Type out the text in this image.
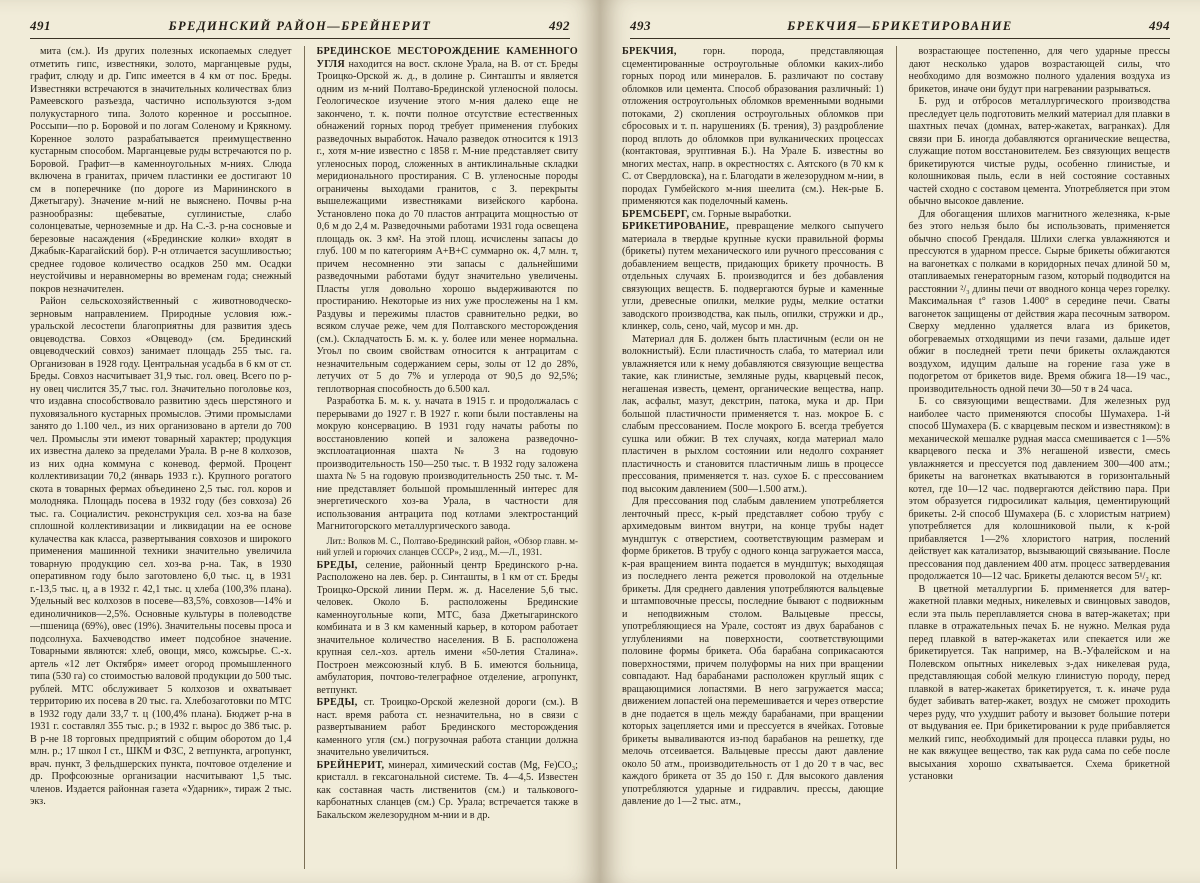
491	БРЕДИНСКИЙ РАЙОН—БРЕЙНЕРИТ	492

мита (см.). Из других полезных ископаемых следует отметить гипс, известняки, золото, марганцевые руды, графит, слюду и др. Гипс имеется в 4 км от пос. Бреды. Известняки встречаются в значительных количествах близ Рамеевского разъезда, частично используются з-дом полукустарного типа. Золото коренное и россыпное. Россыпи—по р. Боровой и по логам Соленому и Крякному. Коренное золото разрабатывается преимущественно кустарным способом. Марганцевые руды встречаются по р. Боровой. Графит—в каменноугольных м-ниях. Слюда включена в гранитах, причем пластинки ее достигают 10 см в поперечнике (по дороге из Марининского в Джетыгару). Значение м-ний не выяснено. Почвы р-на разнообразны: щебеватые, суглинистые, слабо солонцеватые, черноземные и др. На С.-З. р-на сосновые и березовые насаждения («Брединские колки» входят в Джабык-Карагайский бор). Р-н отличается засушливостью; среднее годовое количество осадков 250 мм. Осадки неустойчивы и неравномерны во временам года; снежный покров незначителен.

Район сельскохозяйственный с животноводческо-зерновым направлением. Природные условия юж.-уральской лесостепи благоприятны для развития здесь овцеводства. Совхоз «Овцевод» (см. Брединский овцеводческий совхоз) занимает площадь 255 тыс. га. Организован в 1928 году. Центральная усадьба в 6 км от ст. Бреды. Совхоз насчитывает 31,9 тыс. гол. овец. Всего по р-ну овец числится 35,7 тыс. гол. Значительно поголовье коз, что издавна способствовало развитию здесь шерстяного и пуховязального кустарных промыслов. Этими промыслами занято до 1.100 чел., из них организовано в артели до 700 чел. Промыслы эти имеют товарный характер; продукция их известна далеко за пределами Урала. В р-не 8 колхозов, из них одна коммуна с коневод. фермой. Процент коллективизации 70,2 (январь 1933 г.). Крупного рогатого скота в товарных фермах объединено 2,5 тыс. гол. коров и молодняка. Площадь посева в 1932 году (без совхоза) 26 тыс. га. Социалистич. реконструкция сел. хоз-ва на базе сплошной коллективизации и ликвидации на ее основе кулачества как класса, развертывания совхозов и широкого применения машинной техники значительно увеличила товарную продукцию сел. хоз-ва р-на. Так, в 1930 оперативном году было заготовлено 6,0 тыс. ц, в 1931 г.-13,5 тыс. ц, а в 1932 г. 42,1 тыс. ц хлеба (100,3% плана). Удельный вес колхозов в посеве—83,5%, совхозов—14% и единоличников—2,5%. Основные культуры в полеводстве—пшеница (69%), овес (19%). Значительны посевы проса и подсолнуха. Бахчеводство имеет подсобное значение. Товарными являются: хлеб, овощи, мясо, кожсырье. С.-х. артель «12 лет Октября» имеет огород промышленного типа (530 га) со стоимостью валовой продукции до 500 тыс. рублей. МТС обслуживает 5 колхозов и охватывает территорию их посева в 20 тыс. га. Хлебозаготовки по МТС в 1932 году дали 33,7 т. ц (100,4% плана). Бюджет р-на в 1931 г. составлял 355 тыс. р.; в 1932 г. вырос до 386 тыс. р. В р-не 18 торговых предприятий с общим оборотом до 1,4 млн. р.; 17 школ I ст., ШКМ и ФЗС, 2 ветпункта, агропункт, врач. пункт, 3 фельдшерских пункта, почтовое отделение и др. Профсоюзные организации насчитывают 1,5 тыс. членов. Издается районная газета «Ударник», тираж 2 тыс. экз.

БРЕДИНСКОЕ МЕСТОРОЖДЕНИЕ КАМЕННОГО УГЛЯ находится на вост. склоне Урала, на В. от ст. Бреды Троицко-Орской ж. д., в долине р. Синташты и является одним из м-ний Полтаво-Брединской угленосной полосы. Геологическое изучение этого м-ния далеко еще не закончено, т. к. почти полное отсутствие естественных обнажений горных пород требует применения глубоких разведочных выработок. Начало разведок относится к 1913 г., хотя м-ние известно с 1858 г. М-ние представляет свиту угленосных пород, сложенных в антиклинальные складки меридионального простирания. С В. угленосные породы ограничены выходами гранитов, с З. перекрыты вышележащими известняками визейского карбона. Установлено пока до 70 пластов антрацита мощностью от 0,6 м до 2,4 м. Разведочными работами 1931 года освещена площадь ок. 3 км². На этой площ. исчислены запасы до глуб. 100 м по категориям A+B+C суммарно ок. 4,7 млн. т, причем несомненно эти запасы с дальнейшими разведочными работами будут значительно увеличены. Пласты угля довольно хорошо выдерживаются по простиранию. Некоторые из них уже прослежены на 1 км. Раздувы и пережимы пластов сравнительно редки, во всяком случае реже, чем для Полтавского месторождения (см.). Складчатость Б. м. к. у. более или менее нормальна. Угоьл по своим свойствам относится к антрацитам с незначительным содержанием серы, золы от 12 до 28%, летучих от 5 до 7% и углерода от 90,5 до 92,5%; теплотворная способность до 6.500 кал.

Разработка Б. м. к. у. начата в 1915 г. и продолжалась с перерывами до 1927 г. В 1927 г. копи были поставлены на мокрую консервацию. В 1931 году начаты работы по восстановлению копей и заложена разведочно-эксплоатационная шахта № 3 на годовую производительность 150—250 тыс. т. В 1932 году заложена шахта № 5 на годовую производительность 250 тыс. т. М-ние представляет большой промышленный интерес для энергетического хоз-ва Урала, в частности для использования антрацита под котлами электростанций Магнитогорского металлургического завода.

Лит.: Волков М. С., Полтаво-Брединский район, «Обзор главн. м-ний углей и горючих сланцев СССР», 2 изд., М.—Л., 1931.

БРЕДЫ, селение, районный центр Брединского р-на. Расположено на лев. бер. р. Синташты, в 1 км от ст. Бреды Троицко-Орской линии Перм. ж. д. Население 5,6 тыс. человек. Около Б. расположены Брединские каменноугольные копи, МТС, база Джетыгаринского комбината и в 3 км каменный карьер, в котором работает значительное количество населения. В Б. расположена крупная сел.-хоз. артель имени «50-летия Сталина». Построен межсоюзный клуб. В Б. имеются больница, амбулатория, почтово-телеграфное отделение, агропункт, ветпункт.

БРЕДЫ, ст. Троицко-Орской железной дороги (см.). В наст. время работа ст. незначительна, но в связи с развертыванием работ Брединского месторождения каменного угля (см.) погрузочная работа станции должна значительно увеличиться.

БРЕЙНЕРИТ, минерал, химический состав (Mg, Fe)CO₃; кристалл. в гексагональной системе. Тв. 4—4,5. Известен как составная часть лиственитов (см.) и талькового-карбонатных сланцев (см.) Ср. Урала; встречается также в Бакальском железорудном м-нии и в др.

493	БРЕКЧИЯ—БРИКЕТИРОВАНИЕ	494

БРЕКЧИЯ,	горн. порода, представляющая сцементированные остроугольные обломки каких-либо горных пород или минералов. Б. различают по составу обломков или цемента. Способ образования различный: 1) отложения остроугольных обломков временными водными потоками, 2) скопления остроугольных обломков при сбросовых и т. п. нарушениях (Б. трения), 3) раздробление пород вплоть до обломков при вулканических процессах (контактовая, эруптивная Б.). На Урале Б. известны во многих местах, напр. в окрестностях с. Аятского (в 70 км к С. от Свердловска), на г. Благодати в железорудном м-нии, в породах Гумбейского м-ния шеелита (см.). Нек-рые Б. применяются как поделочный камень.

БРЕМСБЕРГ, см. Горные выработки.

БРИКЕТИРОВАНИЕ, превращение мелкого сыпучего материала в твердые крупные куски правильной формы (брикеты) путем механического или ручного прессования с добавлением веществ, придающих брикету прочность. В отдельных случаях Б. производится и без добавления связующих веществ. Б. подвергаются бурые и каменные угли, древесные опилки, мелкие руды, мелкие остатки заводского производства, как пыль, опилки, стружки и др., клинкер, соль, сено, чай, мусор и мн. др.

Материал для Б. должен быть пластичным (если он не волокнистый). Если пластичность слаба, то материал или увлажняется или к нему добавляются связующие вещества такие, как глинистые, земляные руды, кварцевый песок, негашеная известь, цемент, органические вещества, напр. лак, асфальт, мазут, декстрин, патока, мука и др. При большой пластичности применяется т. наз. мокрое Б. с слабым прессованием. После мокрого Б. всегда требуется сушка или обжиг. В тех случаях, когда материал мало пластичен в рыхлом состоянии или недолго сохраняет пластичность и становится пластичным лишь в процессе прессования, применяется т. наз. сухое Б. с прессованием под высоким давлением (500—1.500 атм.).

Для прессования под слабым давлением употребляется ленточный пресс, к-рый представляет собою трубу с архимедовым винтом внутри, на конце трубы надет мундштук с отверстием, соответствующим размерам и форме брикетов. В трубу с одного конца загружается масса, к-рая вращением винта подается в мундштук; выходящая из последнего лента режется проволокой на отдельные брикеты. Для среднего давления употребляются вальцевые и штамповочные прессы, последние бывают с подвижным и неподвижным столом. Вальцевые прессы, употребляющиеся на Урале, состоят из двух барабанов с углублениями на поверхности, соответствующими половине формы брикета. Оба барабана соприкасаются поверхностями, причем полуформы на них при вращении совпадают. Над барабанами расположен круглый ящик с вращающимися лопастями. В него загружается масса; движением лопастей она перемешивается и через отверстие в дне подается в щель между барабанами, при вращении которых зацепляется ими и прессуется в ячейках. Готовые брикеты вываливаются из-под барабанов на решетку, где мелочь отсеивается. Вальцевые прессы дают давление около 50 атм., производительность от 1 до 20 т в час, вес каждого брикета от 35 до 150 г. Для высокого давления употребляются ударные и гидравлич. прессы, дающие давление до 1—2 тыс. атм.,

возрастающее постепенно, для чего ударные прессы дают несколько ударов возрастающей силы, что необходимо для возможно полного удаления воздуха из брикетов, иначе они будут при нагревании разрываться.

Б. руд и отбросов металлургического производства преследует цель подготовить мелкий материал для плавки в шахтных печах (домнах, ватер-жакетах, вагранках). Для связи при Б. иногда добавляются органические вещества, служащие потом восстановителем. Без связующих веществ брикетируются чистые руды, особенно глинистые, и колошниковая пыль, если в ней состояние составных частей сходно с составом цемента. Употребляется при этом обычно высокое давление.

Для обогащения шлихов магнитного железняка, к-рые без этого нельзя было бы использовать, применяется обычно способ Грендаля. Шлихи слегка увлажняются и прессуются в ударном прессе. Сырые брикеты обжигаются на вагонетках с полками в коридорных печах длиной 50 м, отапливаемых генераторным газом, который подводится на расстоянии ²/₃ длины печи от вводного конца через горелку. Максимальная t° газов 1.400° в середине печи. Сваты вагонеток защищены от действия жара песочным затвором. Сверху медленно удаляется влага из брикетов, обогреваемых отходящими из печи газами, дальше идет обжиг в последней трети печи брикеты охлаждаются воздухом, идущим дальше на горение газа уже в подогретом от брикетов виде. Время обжига 18—19 час., производительность одной печи 30—50 т в 24 часа.

Б. со связующими веществами. Для железных руд наиболее часто применяются способы Шумахера. 1-й способ Шумахера (Б. с кварцевым песком и известняком): в механической мешалке рудная масса смешивается с 1—5% кварцевого песка и 3% негашеной извести, смесь увлажняется и прессуется под давлением 300—400 атм.; брикеты на вагонетках вкатываются в горизонтальный котел, где 10—12 час. подвергаются действию пара. При этом образуется гидросиликат кальция, цементирующий брикеты. 2-й способ Шумахера (Б. с хлористым натрием) употребляется для колошниковой пыли, к к-рой прибавляется 1—2% хлористого натрия, послений действует как катализатор, вызывающий связывание. После прессования под давлением 400 атм. процесс затвердевания продолжается 10—12 час. Брикеты делаются весом 5¹/₂ кг.

В цветной металлургии Б. применяется для ватер-жакетной плавки медных, никелевых и свинцовых заводов, если эта пыль переплавляется снова в ватер-жакетах; при плавке в отражательных печах Б. не нужно. Мелкая руда перед плавкой в ватер-жакетах или спекается или же брикетируется. Так например, на В.-Уфалейском и на Полевском опытных никелевых з-дах никелевая руда, представляющая собой мелкую глинистую породу, перед плавкой в ватер-жакетах брикетируется, т. к. иначе руда будет забивать ватер-жакет, воздух не сможет проходить через руду, что ухудшит работу и вызовет большие потери от выдувания ее. При брикетировании к руде прибавляется мелкий гипс, необходимый для процесса плавки руды, но не как вяжущее вещество, так как руда сама по себе после высыхания хорошо схватывается. Схема брикетной установки
